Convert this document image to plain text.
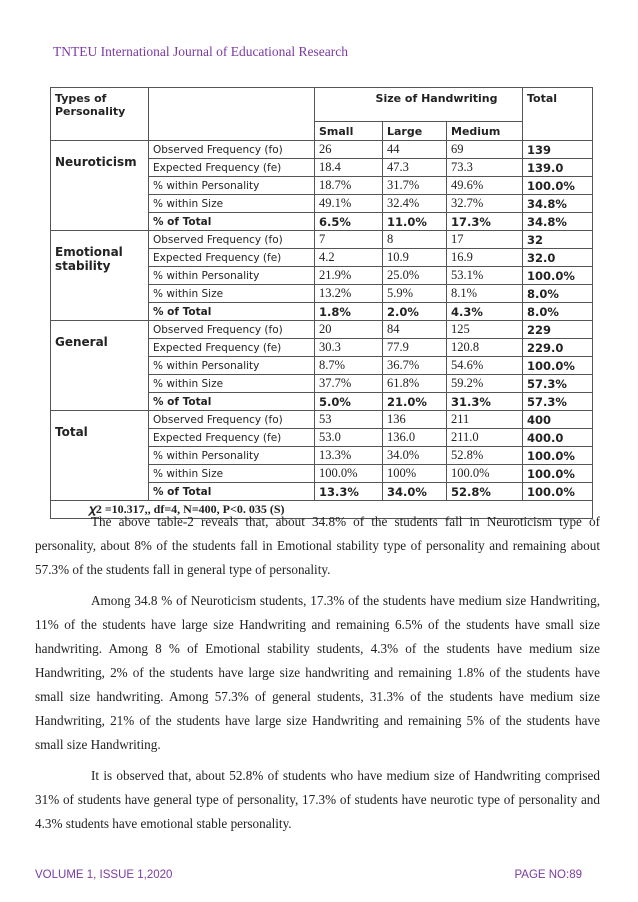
TNTEU International Journal of Educational Research
Types of Personality		Size of Handwriting			Total
		Small	Large	Medium	
Neuroticism	Observed Frequency (fo)	26	44	69	139
	Expected Frequency (fe)	18.4	47.3	73.3	139.0
	% within Personality	18.7%	31.7%	49.6%	100.0%
	% within Size	49.1%	32.4%	32.7%	34.8%
	% of Total	6.5%	11.0%	17.3%	34.8%
Emotional stability	Observed Frequency (fo)	7	8	17	32
	Expected Frequency (fe)	4.2	10.9	16.9	32.0
	% within Personality	21.9%	25.0%	53.1%	100.0%
	% within Size	13.2%	5.9%	8.1%	8.0%
	% of Total	1.8%	2.0%	4.3%	8.0%
General	Observed Frequency (fo)	20	84	125	229
	Expected Frequency (fe)	30.3	77.9	120.8	229.0
	% within Personality	8.7%	36.7%	54.6%	100.0%
	% within Size	37.7%	61.8%	59.2%	57.3%
	% of Total	5.0%	21.0%	31.3%	57.3%
Total	Observed Frequency (fo)	53	136	211	400
	Expected Frequency (fe)	53.0	136.0	211.0	400.0
	% within Personality	13.3%	34.0%	52.8%	100.0%
	% within Size	100.0%	100%	100.0%	100.0%
	% of Total	13.3%	34.0%	52.8%	100.0%
𝜒2 =10.317,, df=4, N=400, P<0. 035 (S)					

The above table-2 reveals that, about 34.8% of the students fall in Neuroticism type of personality, about 8% of the students fall in Emotional stability type of personality and remaining about 57.3% of the students fall in general type of personality.

Among 34.8 % of Neuroticism students, 17.3% of the students have medium size Handwriting, 11% of the students have large size Handwriting and remaining 6.5% of the students have small size handwriting. Among 8 % of Emotional stability students, 4.3% of the students have medium size Handwriting, 2% of the students have large size handwriting and remaining 1.8% of the students have small size handwriting. Among 57.3% of general students, 31.3% of the students have medium size Handwriting, 21% of the students have large size Handwriting and remaining 5% of the students have small size Handwriting.

It is observed that, about 52.8% of students who have medium size of Handwriting comprised 31% of students have general type of personality, 17.3% of students have neurotic type of personality and 4.3% students have emotional stable personality.

VOLUME 1, ISSUE 1,2020	PAGE NO:89
